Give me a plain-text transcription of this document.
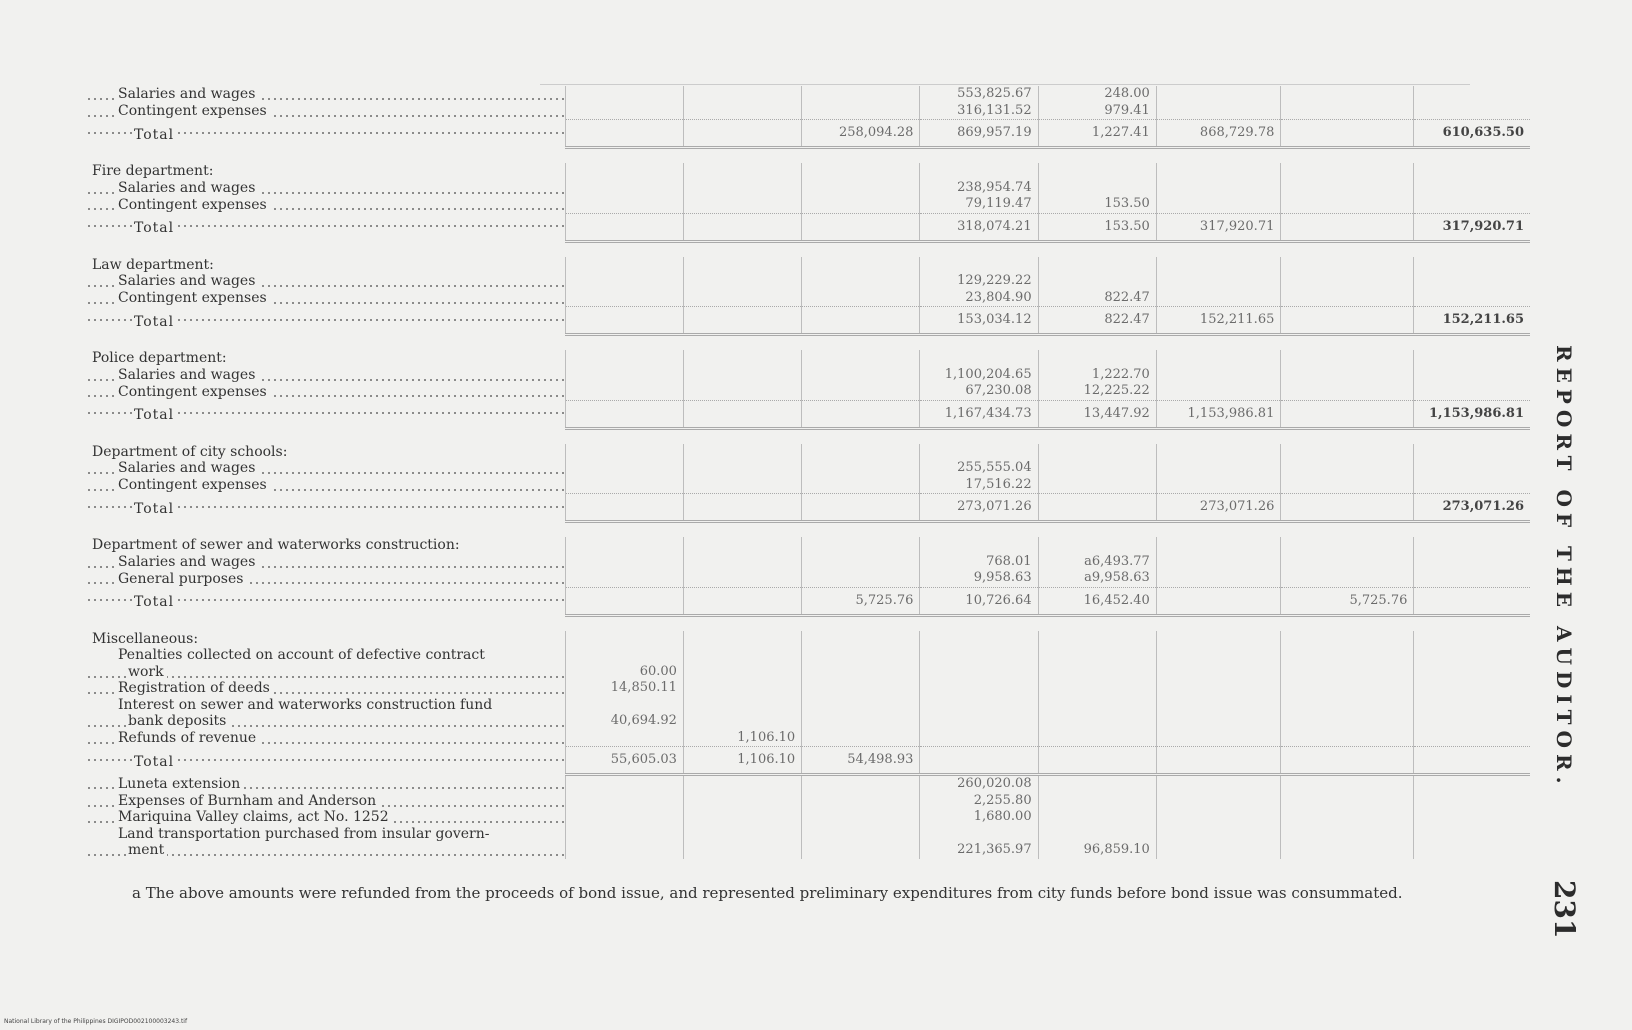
Salaries and wages				553,825.67	248.00			
Contingent expenses				316,131.52	979.41			
Total			258,094.28	869,957.19	1,227.41	868,729.78		610,635.50

Fire department:								
Salaries and wages				238,954.74				
Contingent expenses				79,119.47	153.50			
Total				318,074.21	153.50	317,920.71		317,920.71

Law department:								
Salaries and wages				129,229.22				
Contingent expenses				23,804.90	822.47			
Total				153,034.12	822.47	152,211.65		152,211.65

Police department:								
Salaries and wages				1,100,204.65	1,222.70			
Contingent expenses				67,230.08	12,225.22			
Total				1,167,434.73	13,447.92	1,153,986.81		1,153,986.81

Department of city schools:								
Salaries and wages				255,555.04				
Contingent expenses				17,516.22				
Total				273,071.26		273,071.26		273,071.26

Department of sewer and waterworks construction:								
Salaries and wages				768.01	a6,493.77			
General purposes				9,958.63	a9,958.63			
Total			5,725.76	10,726.64	16,452.40		5,725.76	

Miscellaneous:								
Penalties collected on account of defective contract								
work	60.00							
Registration of deeds	14,850.11							
Interest on sewer and waterworks construction fund								
bank deposits	40,694.92							
Refunds of revenue		1,106.10						
Total	55,605.03	1,106.10	54,498.93					
Luneta extension				260,020.08				
Expenses of Burnham and Anderson				2,255.80				
Mariquina Valley claims, act No. 1252				1,680.00				
Land transportation purchased from insular govern-								
ment				221,365.97	96,859.10			
REPORT OF THE AUDITOR.
231
a The above amounts were refunded from the proceeds of bond issue, and represented preliminary expenditures from city funds before bond issue was consummated.
National Library of the Philippines DIGIPOD002100003243.tif
